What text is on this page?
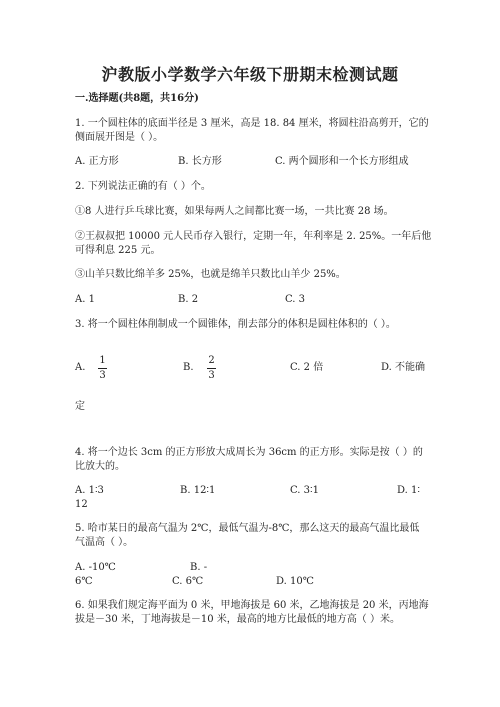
沪教版小学数学六年级下册期末检测试题
一.选择题(共8题，共16分)
1. 一个圆柱体的底面半径是 3 厘米，高是 18. 84 厘米，将圆柱沿高剪开，它的
侧面展开图是（ ）。
A. 正方形	B. 长方形	C. 两个圆形和一个长方形组成
2. 下列说法正确的有（ ）个。
①8 人进行乒乓球比赛，如果每两人之间都比赛一场，一共比赛 28 场。
②王叔叔把 10000 元人民币存入银行，定期一年，年利率是 2. 25%。一年后他
可得利息 225 元。
③山羊只数比绵羊多 25%，也就是绵羊只数比山羊少 25%。
A. 1	B. 2	C. 3
3. 将一个圆柱体削制成一个圆锥体，削去部分的体积是圆柱体积的（ ）。
A.
1
3
B.
2
3
C. 2 倍	D. 不能确
定
4. 将一个边长 3cm 的正方形放大成周长为 36cm 的正方形。实际是按（ ）的
比放大的。
A. 1∶3	B. 12∶1	C. 3∶1	D. 1∶
12
5. 哈市某日的最高气温为 2℃，最低气温为-8℃，那么这天的最高气温比最低
气温高（ ）。
A. -10℃	B. -
6℃	C. 6℃	D. 10℃
6. 如果我们规定海平面为 0 米，甲地海拔是 60 米，乙地海拔是 20 米，丙地海
拔是－30 米，丁地海拔是－10 米，最高的地方比最低的地方高（ ）米。
